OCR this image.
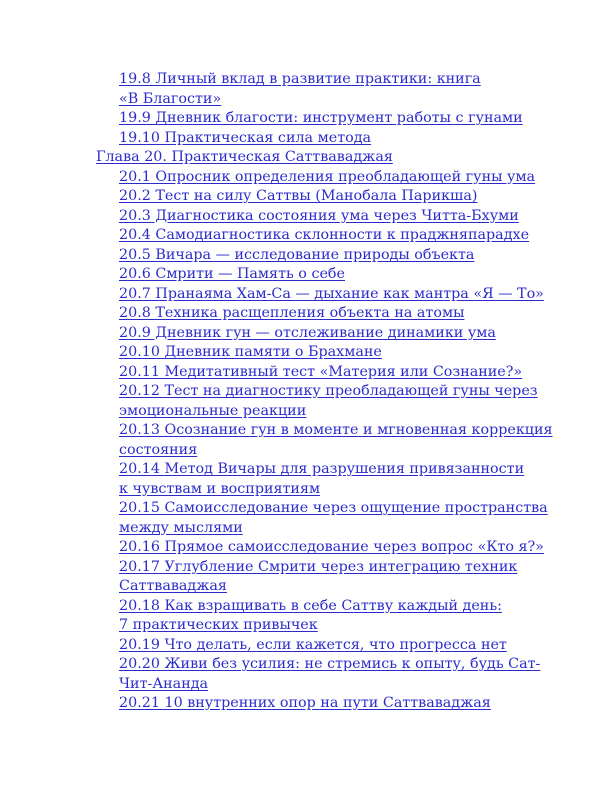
19.8 Личный вклад в развитие практики: книга
«В Благости»
19.9 Дневник благости: инструмент работы с гунами
19.10 Практическая сила метода
Глава 20. Практическая Саттваваджая
20.1 Опросник определения преобладающей гуны ума
20.2 Тест на силу Саттвы (Манобала Парикша)
20.3 Диагностика состояния ума через Читта-Бхуми
20.4 Самодиагностика склонности к праджняпарадхе
20.5 Вичара — исследование природы объекта
20.6 Смрити — Память о себе
20.7 Пранаяма Хам-Са — дыхание как мантра «Я — То»
20.8 Техника расщепления объекта на атомы
20.9 Дневник гун — отслеживание динамики ума
20.10 Дневник памяти о Брахмане
20.11 Медитативный тест «Материя или Сознание?»
20.12 Тест на диагностику преобладающей гуны через
эмоциональные реакции
20.13 Осознание гун в моменте и мгновенная коррекция
состояния
20.14 Метод Вичары для разрушения привязанности
к чувствам и восприятиям
20.15 Самоисследование через ощущение пространства
между мыслями
20.16 Прямое самоисследование через вопрос «Кто я?»
20.17 Углубление Смрити через интеграцию техник
Саттваваджая
20.18 Как взращивать в себе Саттву каждый день:
7 практических привычек
20.19 Что делать, если кажется, что прогресса нет
20.20 Живи без усилия: не стремись к опыту, будь Сат-
Чит-Ананда
20.21 10 внутренних опор на пути Саттваваджая
